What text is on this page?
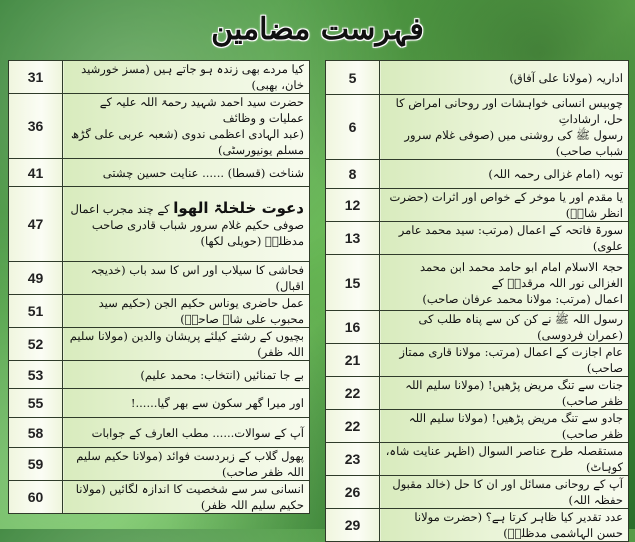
فہرست مضامین
31	کیا مردے بھی زندہ ہو جاتے ہیں (مسز خورشید خان، بھبی)

36	حضرت سید احمد شہید رحمۃ اللہ علیہ کے عملیات و وظائف
(عبد الہادی اعظمی ندوی (شعبہ عربی علی گڑھ مسلم یونیورسٹی)

41	شناخت (قسطا) ...... عنایت حسین چشتی

47	دعوت خلخلۃ الھوا کے چند مجرب اعمال
صوفی حکیم غلام سرور شباب قادری صاحب مدظلہٗ (حویلی لکھا)

49	فحاشی کا سیلاب اور اس کا سد باب (خدیجہ اقبال)

51	عمل حاضری یوناس حکیم الجن (حکیم سید محبوب علی شاہ صاحبؒ)

52	بچیوں کے رشتے کیلئے پریشان والدین (مولانا سلیم اللہ ظفر)

53	بے جا تمنائیں (انتخاب: محمد علیم)

55	اور میرا گھر سکون سے بھر گیا......!

58	آپ کے سوالات...... مطب العارف کے جوابات

59	پھول گلاب کے زبردست فوائد (مولانا حکیم سلیم اللہ ظفر صاحب)

60	انسانی سر سے شخصیت کا اندازہ لگائیں (مولانا حکیم سلیم اللہ ظفر)
5	اداریہ (مولانا علی آفاق)

6	چوبیس انسانی خواہشات اور روحانی امراض کا حل، ارشاداتِ
رسول ﷺ کی روشنی میں (صوفی غلام سرور شباب صاحب)

8	توبہ (امام غزالی رحمہ اللہ)

12	یا مقدم اور یا موخر کے خواص اور اثرات (حضرت انظر شاہؒ)

13	سورۃ فاتحہ کے اعمال (مرتب: سید محمد عامر علوی)

15	حجۃ الاسلام امام ابو حامد محمد ابن محمد الغزالی نور اللہ مرقدہٗ کے
اعمال (مرتب: مولانا محمد عرفان صاحب)

16	رسول اللہ ﷺ نے کن کن سے پناہ طلب کی (عمران فردوسی)

21	عام اجازت کے اعمال (مرتب: مولانا قاری ممتاز صاحب)

22	جنات سے تنگ مریض پڑھیں! (مولانا سلیم اللہ ظفر صاحب)

22	جادو سے تنگ مریض پڑھیں! (مولانا سلیم اللہ ظفر صاحب)

23	مستقصلہ طرح عناصر السوال (اظہر عنایت شاہ، کوہاٹ)

26	آپ کے روحانی مسائل اور ان کا حل (خالد مقبول حفظہ اللہ)

29	عدد تقدیر کیا ظاہر کرتا ہے؟ (حضرت مولانا حسن الہاشمی مدظلہٗ)
